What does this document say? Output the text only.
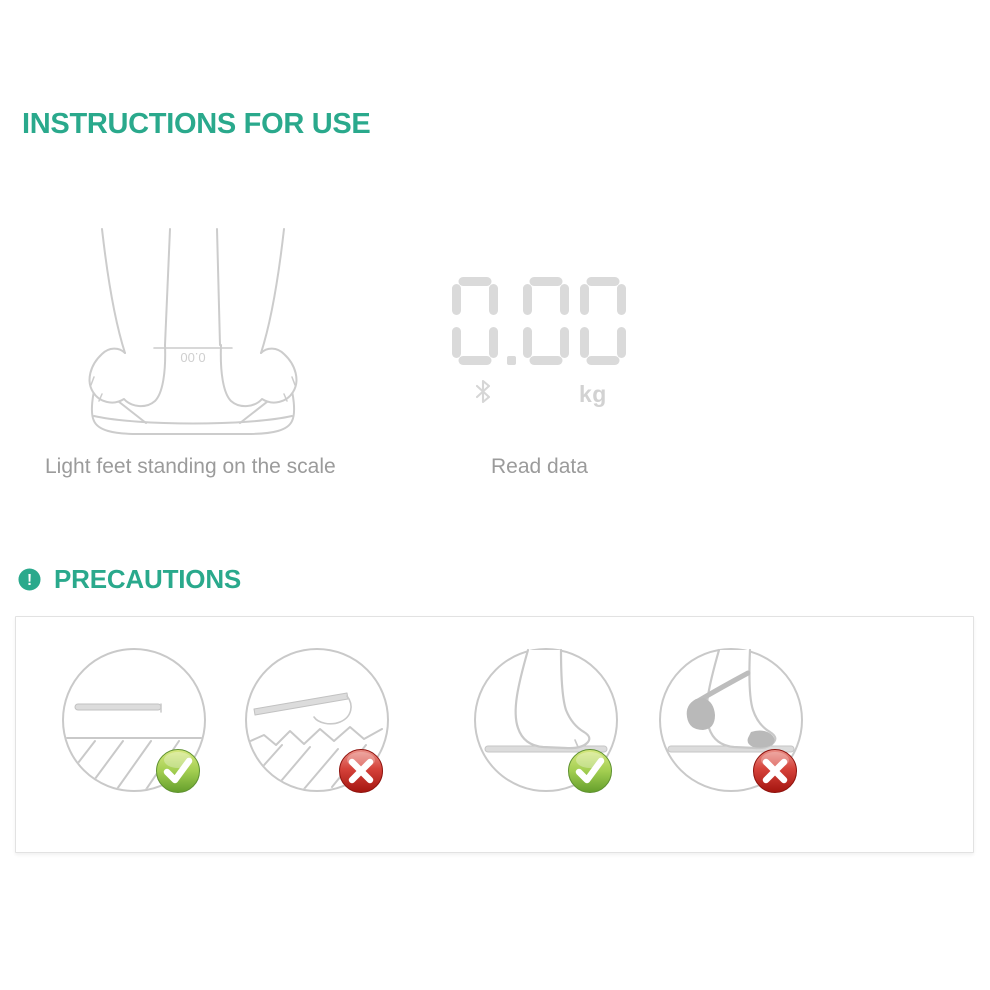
INSTRUCTIONS FOR USE
0.00
Light feet standing on the scale
kg
Read data
! PRECAUTIONS
